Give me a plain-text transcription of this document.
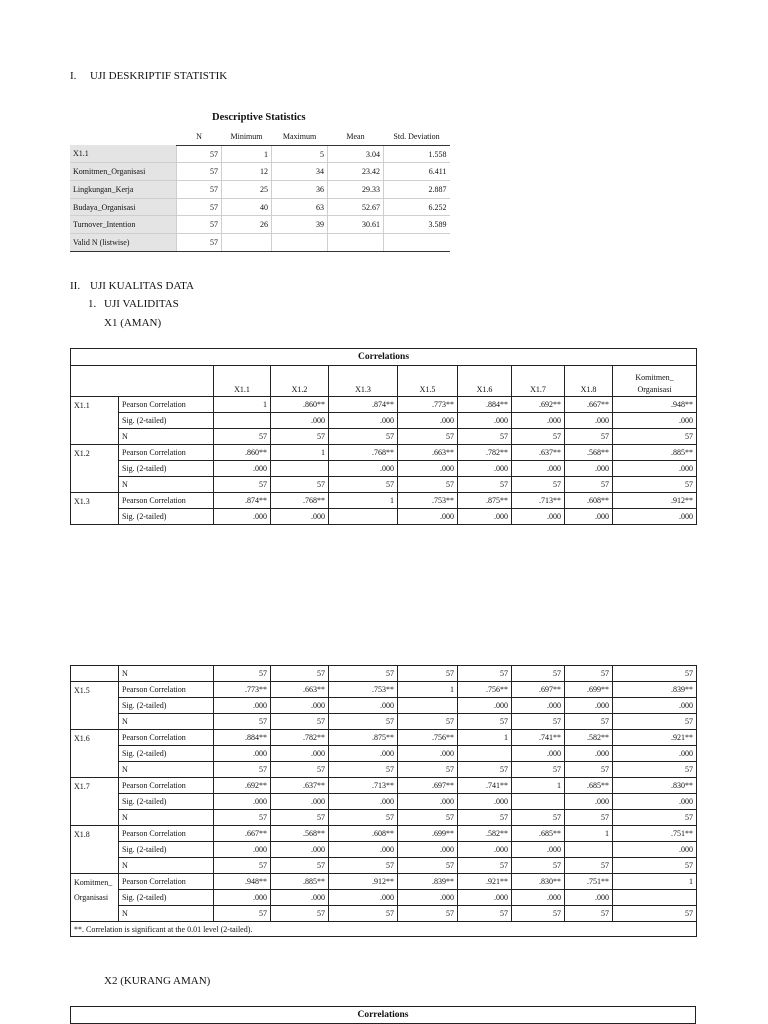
I. UJI DESKRIPTIF STATISTIK
Descriptive Statistics
	N	Minimum	Maximum	Mean	Std. Deviation
X1.1	57	1	5	3.04	1.558
Komitmen_Organisasi	57	12	34	23.42	6.411
Lingkungan_Kerja	57	25	36	29.33	2.887
Budaya_Organisasi	57	40	63	52.67	6.252
Turnover_Intention	57	26	39	30.61	3.589
Valid N (listwise)	57				
II. UJI KUALITAS DATA
1. UJI VALIDITAS
X1 (AMAN)
Correlations									
		X1.1	X1.2	X1.3	X1.5	X1.6	X1.7	X1.8	Komitmen_
Organisasi
X1.1	Pearson Correlation	1	.860**	.874**	.773**	.884**	.692**	.667**	.948**
	Sig. (2-tailed)		.000	.000	.000	.000	.000	.000	.000
	N	57	57	57	57	57	57	57	57
X1.2	Pearson Correlation	.860**	1	.768**	.663**	.782**	.637**	.568**	.885**
	Sig. (2-tailed)	.000		.000	.000	.000	.000	.000	.000
	N	57	57	57	57	57	57	57	57
X1.3	Pearson Correlation	.874**	.768**	1	.753**	.875**	.713**	.608**	.912**
	Sig. (2-tailed)	.000	.000		.000	.000	.000	.000	.000
	N	57	57	57	57	57	57	57	57
X1.5	Pearson Correlation	.773**	.663**	.753**	1	.756**	.697**	.699**	.839**
	Sig. (2-tailed)	.000	.000	.000		.000	.000	.000	.000
	N	57	57	57	57	57	57	57	57
X1.6	Pearson Correlation	.884**	.782**	.875**	.756**	1	.741**	.582**	.921**
	Sig. (2-tailed)	.000	.000	.000	.000		.000	.000	.000
	N	57	57	57	57	57	57	57	57
X1.7	Pearson Correlation	.692**	.637**	.713**	.697**	.741**	1	.685**	.830**
	Sig. (2-tailed)	.000	.000	.000	.000	.000		.000	.000
	N	57	57	57	57	57	57	57	57
X1.8	Pearson Correlation	.667**	.568**	.608**	.699**	.582**	.685**	1	.751**
	Sig. (2-tailed)	.000	.000	.000	.000	.000	.000		.000
	N	57	57	57	57	57	57	57	57
Komitmen_
Organisasi	Pearson Correlation	.948**	.885**	.912**	.839**	.921**	.830**	.751**	1
	Sig. (2-tailed)	.000	.000	.000	.000	.000	.000	.000	
	N	57	57	57	57	57	57	57	57
**. Correlation is significant at the 0.01 level (2-tailed).									
X2 (KURANG AMAN)
Correlations
